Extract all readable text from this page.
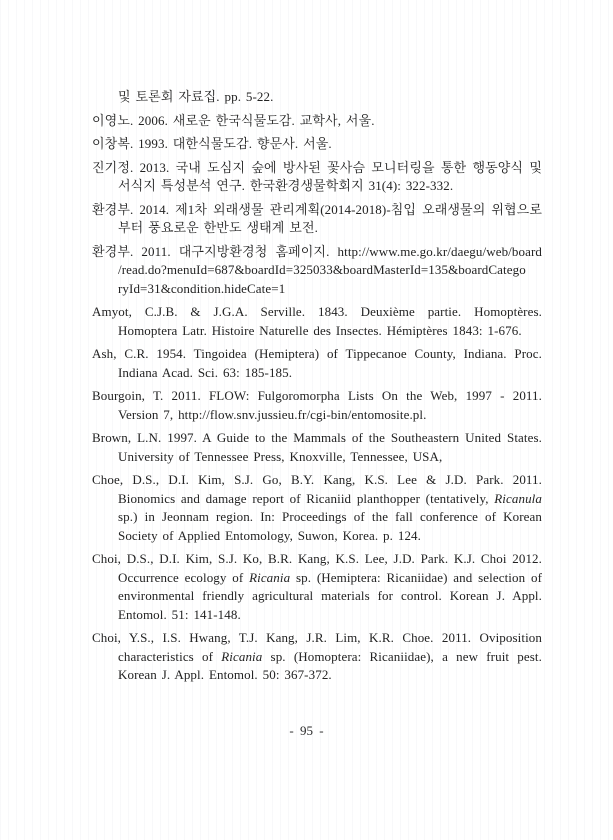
및 토론회 자료집. pp. 5-22.

이영노. 2006. 새로운 한국식물도감. 교학사, 서울.

이창복. 1993. 대한식물도감. 향문사. 서울.

진기정. 2013. 국내 도심지 숲에 방사된 꽃사슴 모니터링을 통한 행동양식 및 서식지 특성분석 연구. 한국환경생물학회지 31(4): 322-332.

환경부. 2014. 제1차 외래생물 관리계획(2014-2018)-침입 오래생물의 위협으로 부터 풍요로운 한반도 생태계 보전.

환경부. 2011. 대구지방환경청 홈페이지. http://www.me.go.kr/daegu/web/board /read.do?menuId=687&boardId=325033&boardMasterId=135&boardCatego ryId=31&condition.hideCate=1

Amyot, C.J.B. & J.G.A. Serville. 1843. Deuxième partie. Homoptères. Homoptera Latr. Histoire Naturelle des Insectes. Hémiptères 1843: 1-676.

Ash, C.R. 1954. Tingoidea (Hemiptera) of Tippecanoe County, Indiana. Proc. Indiana Acad. Sci. 63: 185-185.

Bourgoin, T. 2011. FLOW: Fulgoromorpha Lists On the Web, 1997 - 2011. Version 7, http://flow.snv.jussieu.fr/cgi-bin/entomosite.pl.

Brown, L.N. 1997. A Guide to the Mammals of the Southeastern United States. University of Tennessee Press, Knoxville, Tennessee, USA,

Choe, D.S., D.I. Kim, S.J. Go, B.Y. Kang, K.S. Lee & J.D. Park. 2011. Bionomics and damage report of Ricaniid planthopper (tentatively, Ricanula sp.) in Jeonnam region. In: Proceedings of the fall conference of Korean Society of Applied Entomology, Suwon, Korea. p. 124.

Choi, D.S., D.I. Kim, S.J. Ko, B.R. Kang, K.S. Lee, J.D. Park. K.J. Choi 2012. Occurrence ecology of Ricania sp. (Hemiptera: Ricaniidae) and selection of environmental friendly agricultural materials for control. Korean J. Appl. Entomol. 51: 141-148.

Choi, Y.S., I.S. Hwang, T.J. Kang, J.R. Lim, K.R. Choe. 2011. Oviposition characteristics of Ricania sp. (Homoptera: Ricaniidae), a new fruit pest. Korean J. Appl. Entomol. 50: 367-372.

- 95 -
